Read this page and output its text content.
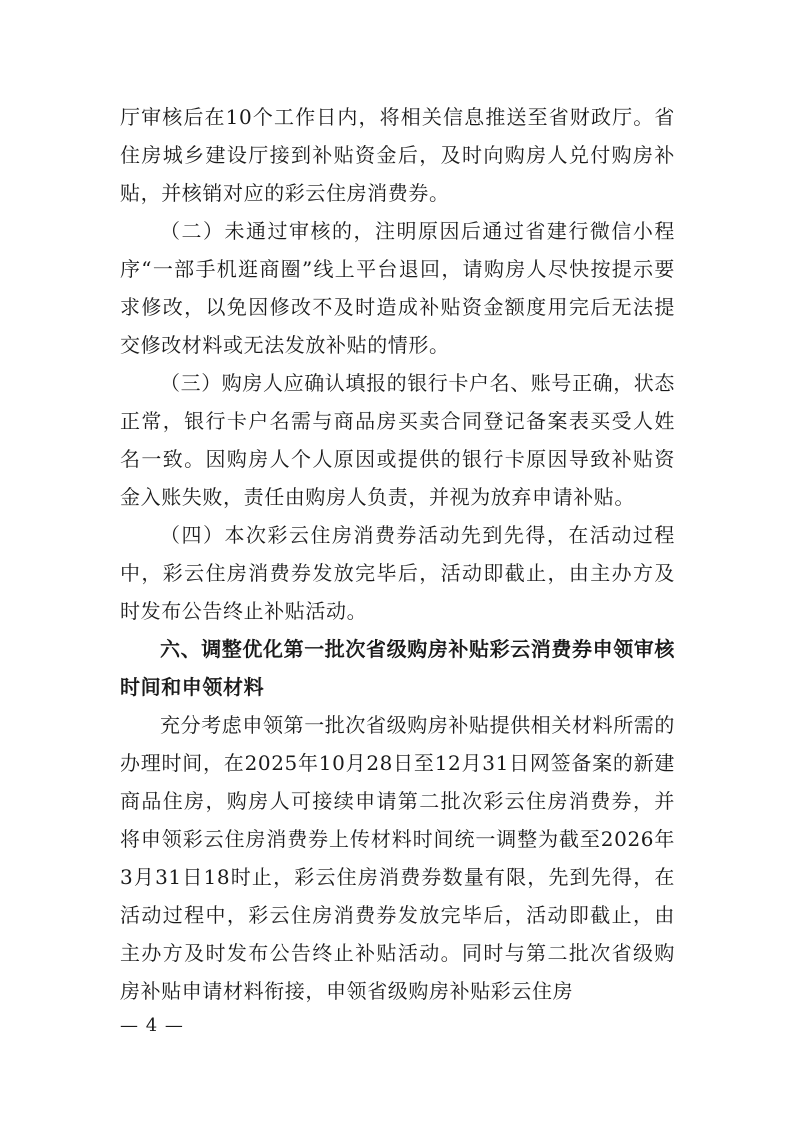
厅审核后在10个工作日内，将相关信息推送至省财政厅。省住房城乡建设厅接到补贴资金后，及时向购房人兑付购房补贴，并核销对应的彩云住房消费券。

（二）未通过审核的，注明原因后通过省建行微信小程序“一部手机逛商圈”线上平台退回，请购房人尽快按提示要求修改，以免因修改不及时造成补贴资金额度用完后无法提交修改材料或无法发放补贴的情形。

（三）购房人应确认填报的银行卡户名、账号正确，状态正常，银行卡户名需与商品房买卖合同登记备案表买受人姓名一致。因购房人个人原因或提供的银行卡原因导致补贴资金入账失败，责任由购房人负责，并视为放弃申请补贴。

（四）本次彩云住房消费券活动先到先得，在活动过程中，彩云住房消费券发放完毕后，活动即截止，由主办方及时发布公告终止补贴活动。

六、调整优化第一批次省级购房补贴彩云消费券申领审核时间和申领材料

充分考虑申领第一批次省级购房补贴提供相关材料所需的办理时间，在2025年10月28日至12月31日网签备案的新建商品住房，购房人可接续申请第二批次彩云住房消费券，并将申领彩云住房消费券上传材料时间统一调整为截至2026年3月31日18时止，彩云住房消费券数量有限，先到先得，在活动过程中，彩云住房消费券发放完毕后，活动即截止，由主办方及时发布公告终止补贴活动。同时与第二批次省级购房补贴申请材料衔接，申领省级购房补贴彩云住房

— 4 —
